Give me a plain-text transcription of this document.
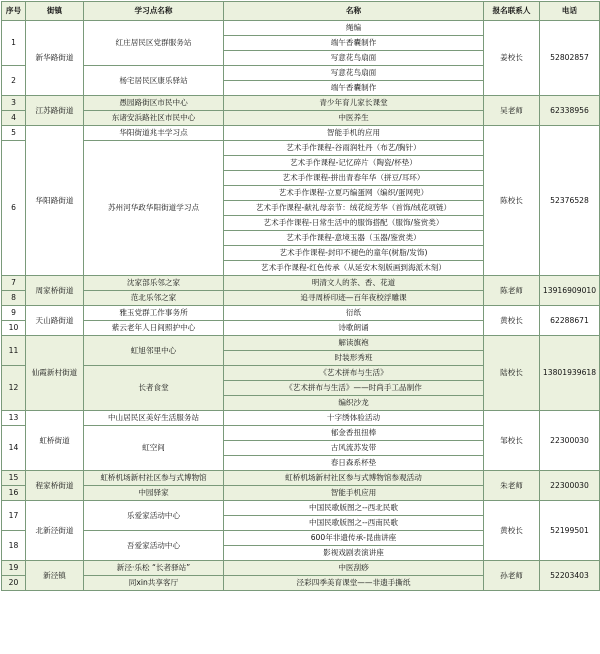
序号	街镇	学习点名称	名称	报名联系人	电话
1	新华路街道	红庄居民区党群服务站	绳编	姜校长	52802857
			端午香囊制作		
			写意花鸟扇面		
2		杨宅居民区康乐驿站	写意花鸟扇面		
			端午香囊制作		
3	江苏路街道	愚园路街区市民中心	青少年育儿家长课堂	吴老师	62338956
4		东诸安浜路社区市民中心	中医养生		
5	华阳路街道	华阳街道兆丰学习点	智能手机的应用	陈校长	52376528
6		苏州河华政华阳街道学习点	艺术手作课程-谷雨润牡丹（布艺/胸针）		
			艺术手作课程-记忆碎片（陶瓷/杯垫）		
			艺术手作课程-拼出青春年华（拼豆/耳环）		
			艺术手作课程-立夏巧编蛋网（编织/蛋网兜）		
			艺术手作课程-献礼母亲节：绒花绽芳华（首饰/绒花项链）		
			艺术手作课程-日常生活中的服饰搭配（服饰/鉴赏类）		
			艺术手作课程-意境玉器（玉器/鉴赏类）		
			艺术手作课程-封印不褪色的童年(树脂/发饰)		
			艺术手作课程-红色传承（从延安木刻版画到海派木刻）		
7	周家桥街道	沈家部乐邻之家	明清文人的茶、香、花道	陈老师	13916909010
8		范北乐邻之家	追寻周桥印迹—百年夜校浮雕课		
9	天山路街道	雅玉党群工作事务所	衍纸	黄校长	62288671
10		紫云老年人日间照护中心	诗歌朗诵		
11	仙霞新村街道	虹旭邻里中心	解读旗袍	陆校长	13801939618
			时装形秀班		
12		长者食堂	《艺术拼布与生活》		
			《艺术拼布与生活》——时尚手工品制作		
			编织沙龙		
13	虹桥街道	中山居民区美好生活服务站	十字绣体验活动	邹校长	22300030
14		虹空间	郁金香扭扭棒		
			古风流苏发带		
			春日森系杯垫		
15	程家桥街道	虹桥机场新村社区参与式博物馆	虹桥机场新村社区参与式博物馆参观活动	朱老师	22300030
16		中园驿家	智能手机应用		
17	北新泾街道	乐爱家活动中心	中国民歌版图之--西北民歌	黄校长	52199501
			中国民歌版图之--西南民歌		
18		吾爱家活动中心	600年非遗传承-昆曲讲座		
			影视戏剧表演讲座		
19	新泾镇	新泾·乐松 “长者驿站”	中医刮痧	孙老师	52203403
20		同xin共享客厅	泾彩四季美育课堂——非遗手撕纸		
